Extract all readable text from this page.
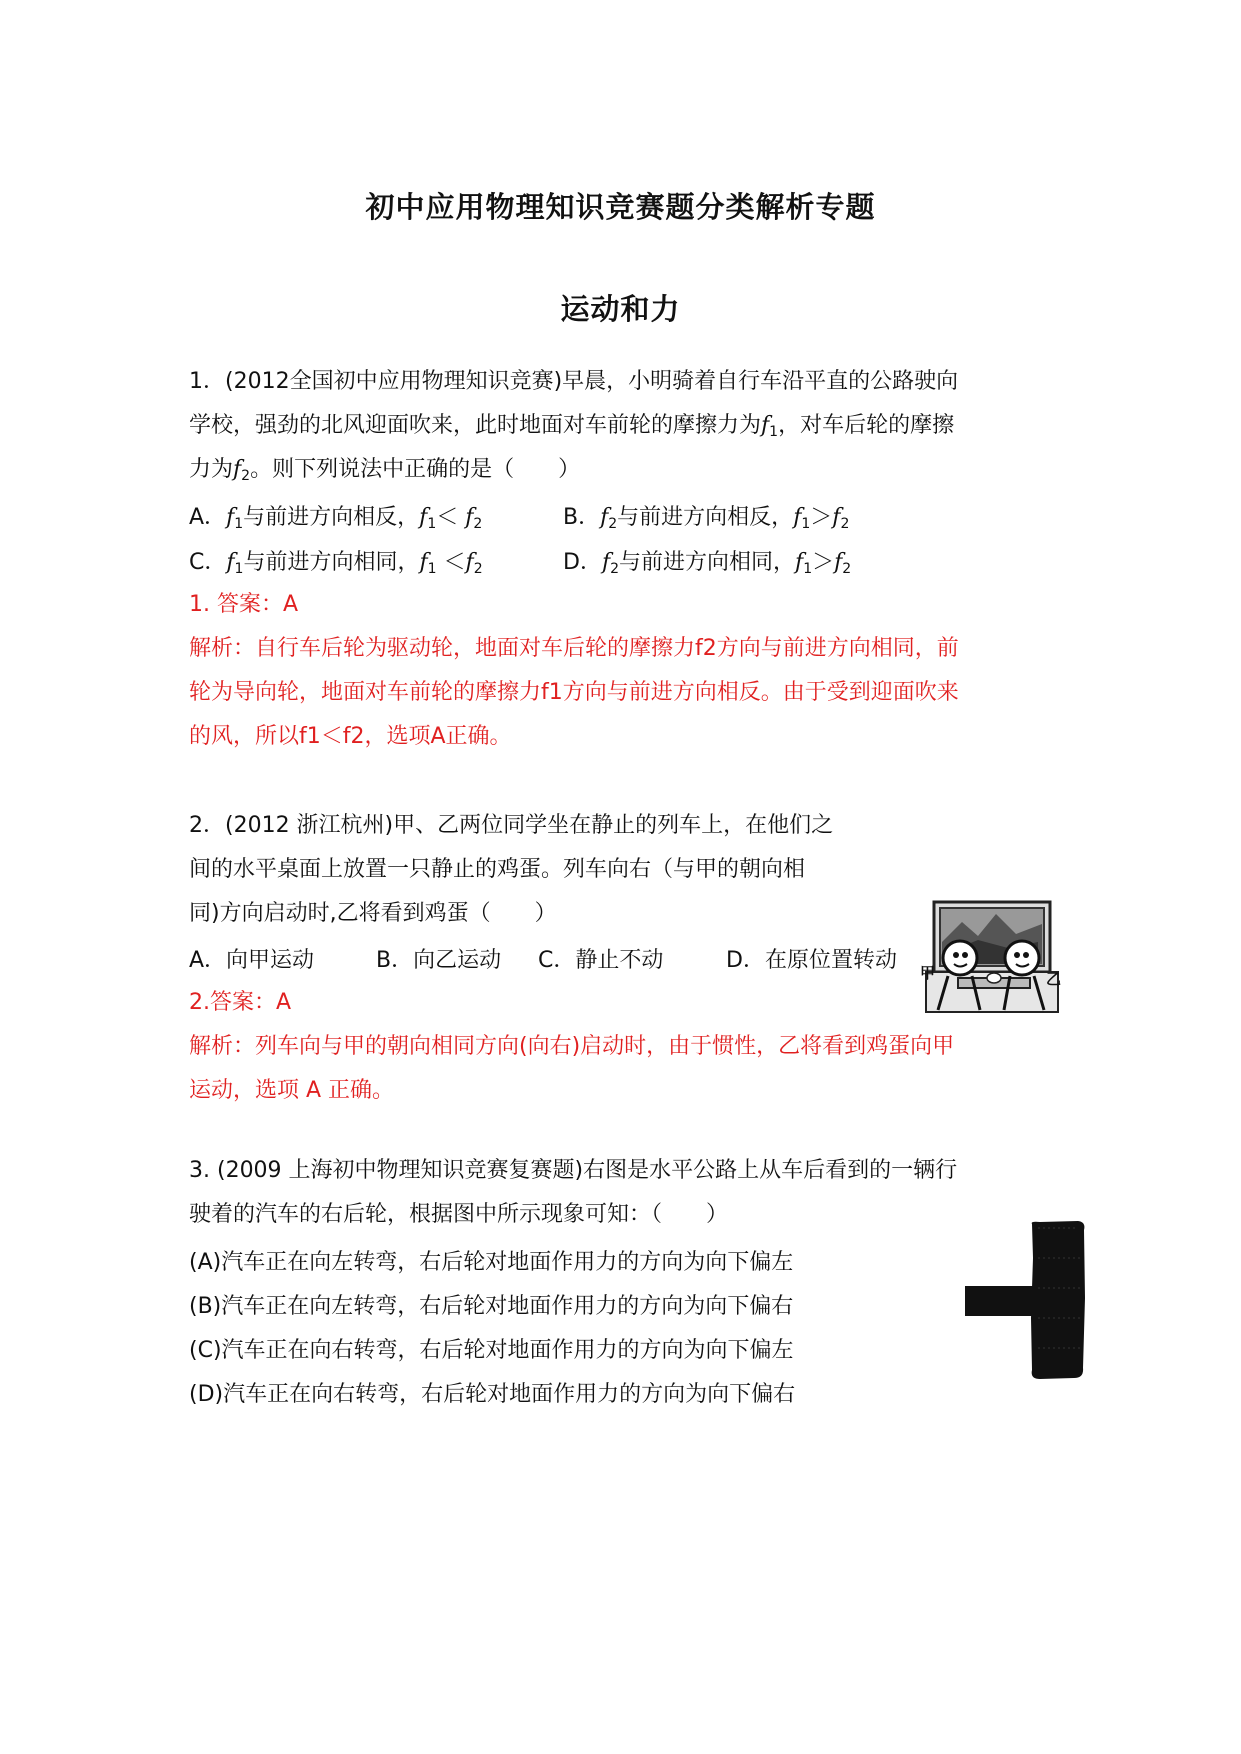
初中应用物理知识竞赛题分类解析专题
运动和力
1．(2012全国初中应用物理知识竞赛)早晨，小明骑着自行车沿平直的公路驶向
学校，强劲的北风迎面吹来，此时地面对车前轮的摩擦力为$f_1$，对车后轮的摩擦
力为$f_2$。则下列说法中正确的是（　　）
A．$f_1$与前进方向相反，$f_1< f_2$	B．$f_2$与前进方向相反，$f_1>f_2$
C．$f_1$与前进方向相同，$f_1 <f_2$	D．$f_2$与前进方向相同，$f_1>f_2$
1. 答案：A
解析：自行车后轮为驱动轮，地面对车后轮的摩擦力f2方向与前进方向相同，前
轮为导向轮，地面对车前轮的摩擦力f1方向与前进方向相反。由于受到迎面吹来
的风，所以f1＜f2，选项A正确。
2．(2012 浙江杭州)甲、乙两位同学坐在静止的列车上，在他们之
间的水平桌面上放置一只静止的鸡蛋。列车向右（与甲的朝向相
同)方向启动时,乙将看到鸡蛋（　　）
A．向甲运动	B．向乙运动 C．静止不动	D．在原位置转动
2.答案：A
解析：列车向与甲的朝向相同方向(向右)启动时，由于惯性，乙将看到鸡蛋向甲
运动，选项 A 正确。
甲	乙
3. (2009 上海初中物理知识竞赛复赛题)右图是水平公路上从车后看到的一辆行
驶着的汽车的右后轮，根据图中所示现象可知：（　　）
(A)汽车正在向左转弯，右后轮对地面作用力的方向为向下偏左
(B)汽车正在向左转弯，右后轮对地面作用力的方向为向下偏右
(C)汽车正在向右转弯，右后轮对地面作用力的方向为向下偏左
(D)汽车正在向右转弯，右后轮对地面作用力的方向为向下偏右
